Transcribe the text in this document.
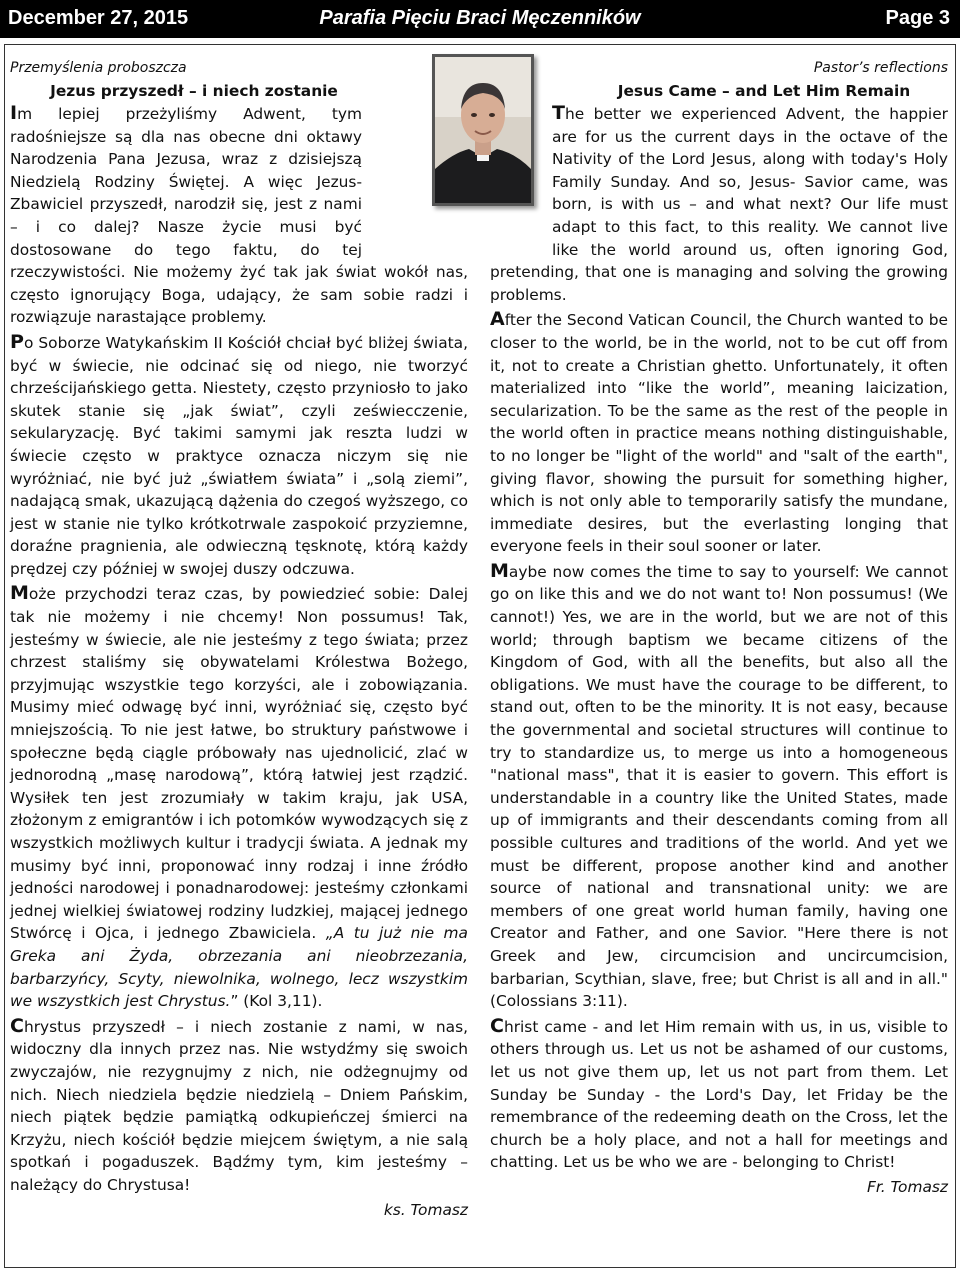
December 27, 2015	Parafia Pięciu Braci Męczenników	Page 3
Przemyślenia proboszcza
Jezus przyszedł – i niech zostanie

Im lepiej przeżyliśmy Adwent, tym radośniejsze są dla nas obecne dni oktawy Narodzenia Pana Jezusa, wraz z dzisiejszą Niedzielą Rodziny Świętej. A więc Jezus-Zbawiciel przyszedł, narodził się, jest z nami – i co dalej? Nasze życie musi być dostosowane do tego faktu, do tej rzeczywistości. Nie możemy żyć tak jak świat wokół nas, często ignorujący Boga, udający, że sam sobie radzi i rozwiązuje narastające problemy.

Po Soborze Watykańskim II Kościół chciał być bliżej świata, być w świecie, nie odcinać się od niego, nie tworzyć chrześcijańskiego getta. Niestety, często przyniosło to jako skutek stanie się „jak świat”, czyli zeświecczenie, sekularyzację. Być takimi samymi jak reszta ludzi w świecie często w praktyce oznacza niczym się nie wyróżniać, nie być już „światłem świata” i „solą ziemi”, nadającą smak, ukazującą dążenia do czegoś wyższego, co jest w stanie nie tylko krótkotrwale zaspokoić przyziemne, doraźne pragnienia, ale odwieczną tęsknotę, którą każdy prędzej czy później w swojej duszy odczuwa.

Może przychodzi teraz czas, by powiedzieć sobie: Dalej tak nie możemy i nie chcemy! Non possumus! Tak, jesteśmy w świecie, ale nie jesteśmy z tego świata; przez chrzest staliśmy się obywatelami Królestwa Bożego, przyjmując wszystkie tego korzyści, ale i zobowiązania. Musimy mieć odwagę być inni, wyróżniać się, często być mniejszością. To nie jest łatwe, bo struktury państwowe i społeczne będą ciągle próbowały nas ujednolicić, zlać w jednorodną „masę narodową”, którą łatwiej jest rządzić. Wysiłek ten jest zrozumiały w takim kraju, jak USA, złożonym z emigrantów i ich potomków wywodzących się z wszystkich możliwych kultur i tradycji świata. A jednak my musimy być inni, proponować inny rodzaj i inne źródło jedności narodowej i ponadnarodowej: jesteśmy członkami jednej wielkiej światowej rodziny ludzkiej, mającej jednego Stwórcę i Ojca, i jednego Zbawiciela. „A tu już nie ma Greka ani Żyda, obrzezania ani nieobrzezania, barbarzyńcy, Scyty, niewolnika, wolnego, lecz wszystkim we wszystkich jest Chrystus.” (Kol 3,11).

Chrystus przyszedł – i niech zostanie z nami, w nas, widoczny dla innych przez nas. Nie wstydźmy się swoich zwyczajów, nie rezygnujmy z nich, nie odżegnujmy od nich. Niech niedziela będzie niedzielą – Dniem Pańskim, niech piątek będzie pamiątką odkupieńczej śmierci na Krzyżu, niech kościół będzie miejcem świętym, a nie salą spotkań i pogaduszek. Bądźmy tym, kim jesteśmy – należący do Chrystusa!

ks. Tomasz
Pastor’s reflections
Jesus Came – and Let Him Remain

The better we experienced Advent, the happier are for us the current days in the octave of the Nativity of the Lord Jesus, along with today's Holy Family Sunday. And so, Jesus- Savior came, was born, is with us – and what next? Our life must adapt to this fact, to this reality. We cannot live like the world around us, often ignoring God, pretending, that one is managing and solving the growing problems.

After the Second Vatican Council, the Church wanted to be closer to the world, be in the world, not to be cut off from it, not to create a Christian ghetto. Unfortunately, it often materialized into “like the world”, meaning laicization, secularization. To be the same as the rest of the people in the world often in practice means nothing distinguishable, to no longer be "light of the world" and "salt of the earth", giving flavor, showing the pursuit for something higher, which is not only able to temporarily satisfy the mundane, immediate desires, but the everlasting longing that everyone feels in their soul sooner or later.

Maybe now comes the time to say to yourself: We cannot go on like this and we do not want to! Non possumus! (We cannot!) Yes, we are in the world, but we are not of this world; through baptism we became citizens of the Kingdom of God, with all the benefits, but also all the obligations. We must have the courage to be different, to stand out, often to be the minority. It is not easy, because the governmental and societal structures will continue to try to standardize us, to merge us into a homogeneous "national mass", that it is easier to govern. This effort is understandable in a country like the United States, made up of immigrants and their descendants coming from all possible cultures and traditions of the world. And yet we must be different, propose another kind and another source of national and transnational unity: we are members of one great world human family, having one Creator and Father, and one Savior. "Here there is not Greek and Jew, circumcision and uncircumcision, barbarian, Scythian, slave, free; but Christ is all and in all." (Colossians 3:11).

Christ came - and let Him remain with us, in us, visible to others through us. Let us not be ashamed of our customs, let us not give them up, let us not part from them. Let Sunday be Sunday - the Lord's Day, let Friday be the remembrance of the redeeming death on the Cross, let the church be a holy place, and not a hall for meetings and chatting. Let us be who we are - belonging to Christ!

Fr. Tomasz
